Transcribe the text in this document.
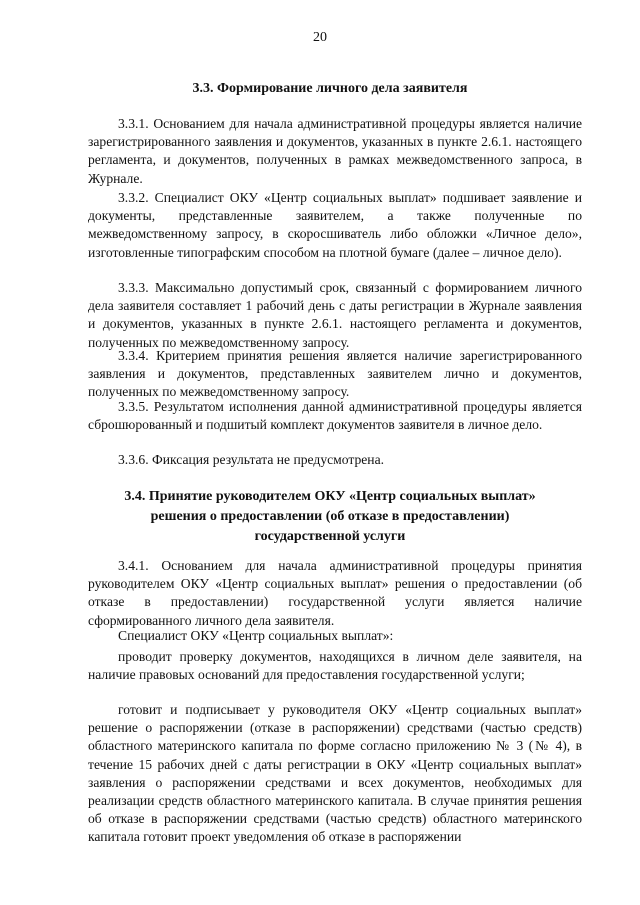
20
3.3. Формирование личного дела заявителя

3.3.1. Основанием для начала административной процедуры является наличие зарегистрированного заявления и документов, указанных в пункте 2.6.1. настоящего регламента, и документов, полученных в рамках межведомственного запроса, в Журнале.

3.3.2. Специалист ОКУ «Центр социальных выплат» подшивает заявление и документы, представленные заявителем, а также полученные по межведомственному запросу, в скоросшиватель либо обложки «Личное дело», изготовленные типографским способом на плотной бумаге (далее – личное дело).

3.3.3. Максимально допустимый срок, связанный с формированием личного дела заявителя составляет 1 рабочий день с даты регистрации в Журнале заявления и документов, указанных в пункте 2.6.1. настоящего регламента и документов, полученных по межведомственному запросу.

3.3.4. Критерием принятия решения является наличие зарегистрированного заявления и документов, представленных заявителем лично и документов, полученных по межведомственному запросу.

3.3.5. Результатом исполнения данной административной процедуры является сброшюрованный и подшитый комплект документов заявителя в личное дело.

3.3.6. Фиксация результата не предусмотрена.

3.4. Принятие руководителем ОКУ «Центр социальных выплат»
решения о предоставлении (об отказе в предоставлении)
государственной услуги

3.4.1. Основанием для начала административной процедуры принятия руководителем ОКУ «Центр социальных выплат» решения о предоставлении (об отказе в предоставлении) государственной услуги является наличие сформированного личного дела заявителя.

Специалист ОКУ «Центр социальных выплат»:

проводит проверку документов, находящихся в личном деле заявителя, на наличие правовых оснований для предоставления государственной услуги;

готовит и подписывает у руководителя ОКУ «Центр социальных выплат» решение о распоряжении (отказе в распоряжении) средствами (частью средств) областного материнского капитала по форме согласно приложению № 3 (№ 4), в течение 15 рабочих дней с даты регистрации в ОКУ «Центр социальных выплат» заявления о распоряжении средствами и всех документов, необходимых для реализации средств областного материнского капитала. В случае принятия решения об отказе в распоряжении средствами (частью средств) областного материнского капитала готовит проект уведомления об отказе в распоряжении
